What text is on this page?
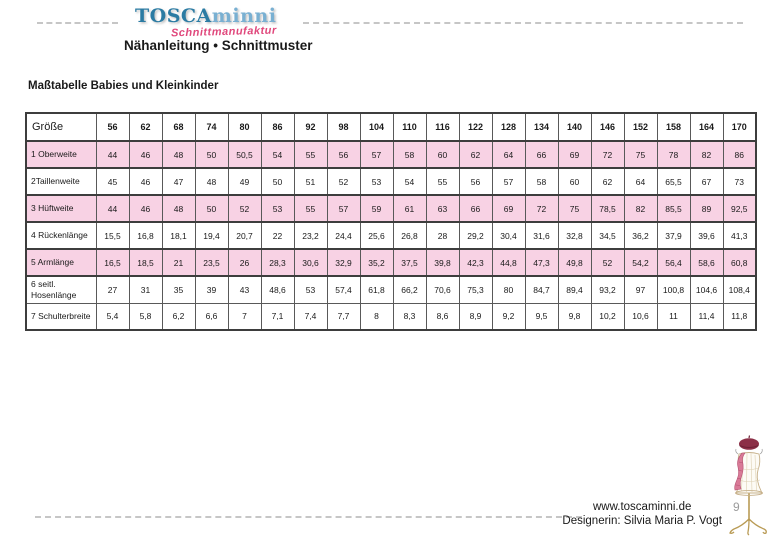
TOSCAminni
Schnittmanufaktur
Nähanleitung • Schnittmuster
Maßtabelle Babies und Kleinkinder
Größe	56	62	68	74	80	86	92	98	104	110	116	122	128	134	140	146	152	158	164	170
1 Oberweite	44	46	48	50	50,5	54	55	56	57	58	60	62	64	66	69	72	75	78	82	86
2Taillenweite	45	46	47	48	49	50	51	52	53	54	55	56	57	58	60	62	64	65,5	67	73
3 Hüftweite	44	46	48	50	52	53	55	57	59	61	63	66	69	72	75	78,5	82	85,5	89	92,5
4 Rückenlänge	15,5	16,8	18,1	19,4	20,7	22	23,2	24,4	25,6	26,8	28	29,2	30,4	31,6	32,8	34,5	36,2	37,9	39,6	41,3
5 Armlänge	16,5	18,5	21	23,5	26	28,3	30,6	32,9	35,2	37,5	39,8	42,3	44,8	47,3	49,8	52	54,2	56,4	58,6	60,8
6 seitl. Hosenlänge	27	31	35	39	43	48,6	53	57,4	61,8	66,2	70,6	75,3	80	84,7	89,4	93,2	97	100,8	104,6	108,4
7 Schulterbreite	5,4	5,8	6,2	6,6	7	7,1	7,4	7,7	8	8,3	8,6	8,9	9,2	9,5	9,8	10,2	10,6	11	11,4	11,8
www.toscaminni.de
Designerin: Silvia Maria P. Vogt
9
